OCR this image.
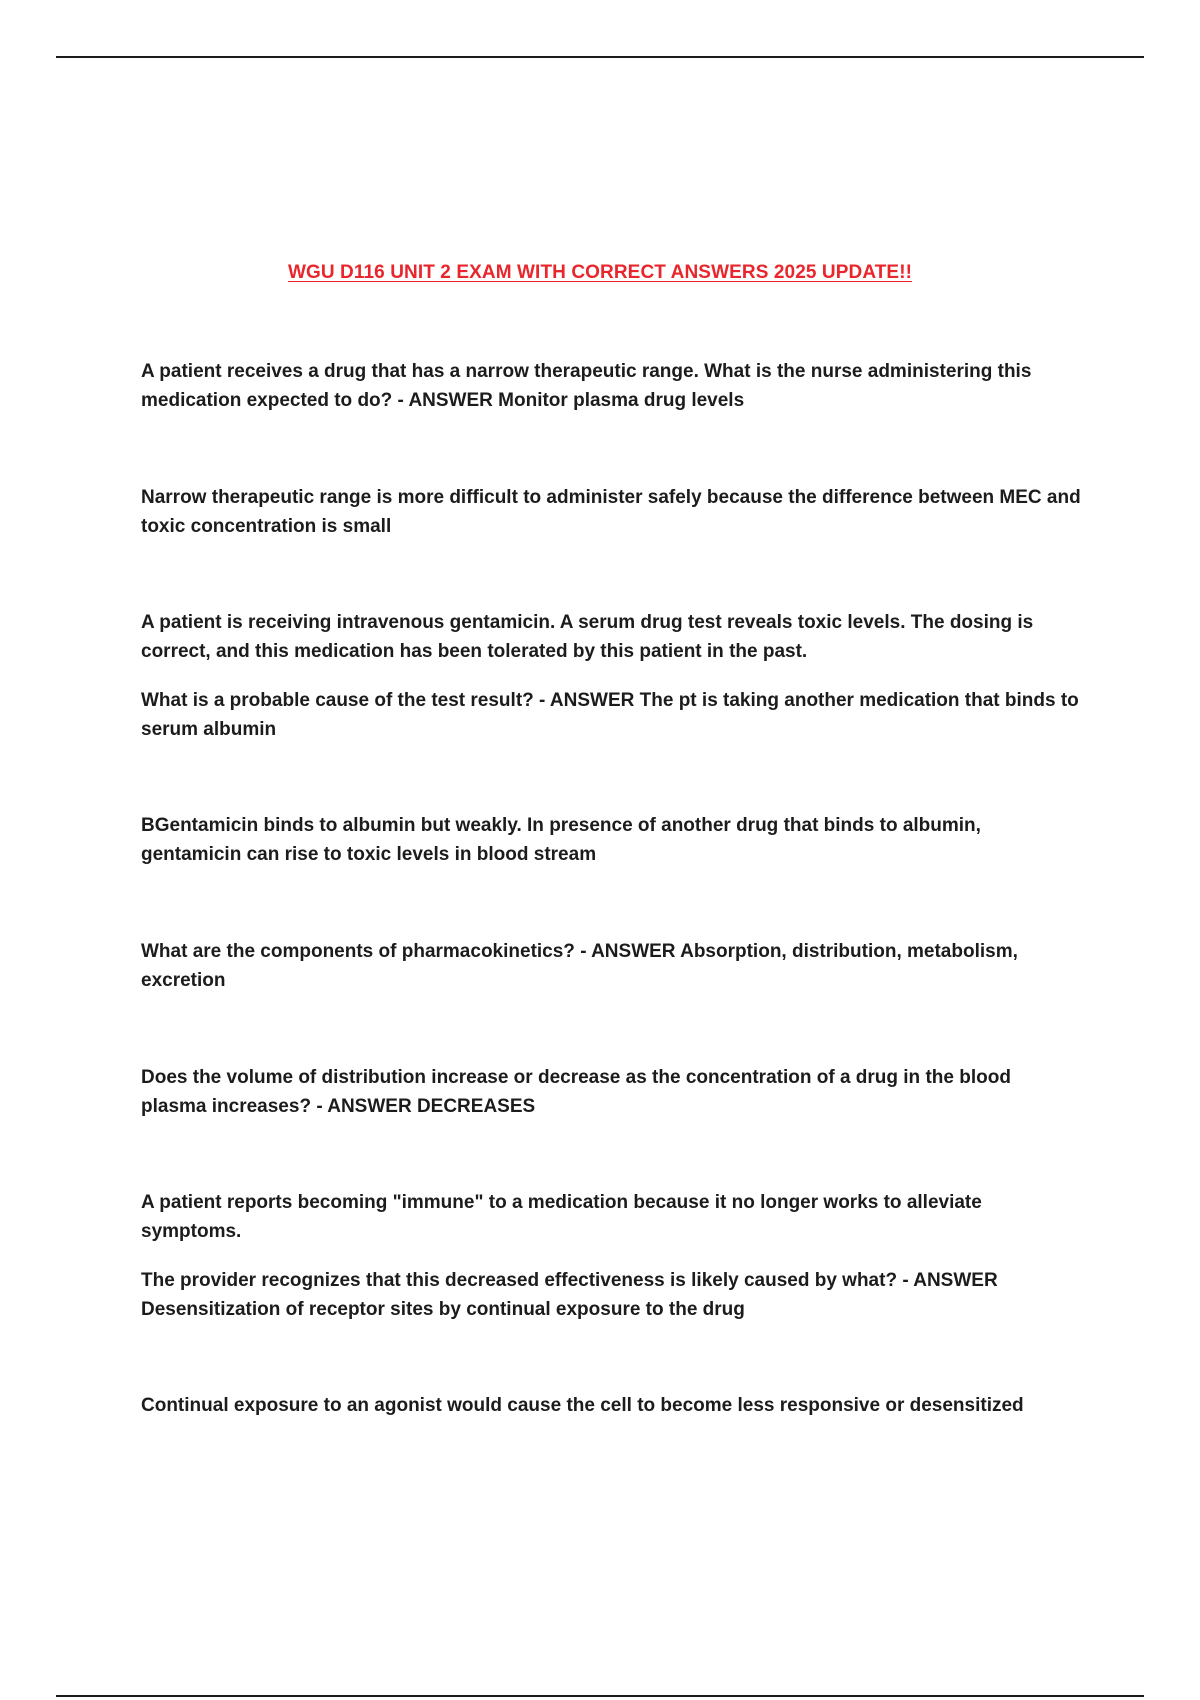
WGU D116 UNIT 2 EXAM WITH CORRECT ANSWERS 2025 UPDATE!!

A patient receives a drug that has a narrow therapeutic range. What is the nurse administering this medication expected to do? - ANSWER Monitor plasma drug levels

Narrow therapeutic range is more difficult to administer safely because the difference between MEC and toxic concentration is small

A patient is receiving intravenous gentamicin. A serum drug test reveals toxic levels. The dosing is correct, and this medication has been tolerated by this patient in the past.

What is a probable cause of the test result? - ANSWER The pt is taking another medication that binds to serum albumin

BGentamicin binds to albumin but weakly. In presence of another drug that binds to albumin, gentamicin can rise to toxic levels in blood stream

What are the components of pharmacokinetics? - ANSWER Absorption, distribution, metabolism, excretion

Does the volume of distribution increase or decrease as the concentration of a drug in the blood plasma increases? - ANSWER DECREASES

A patient reports becoming "immune" to a medication because it no longer works to alleviate symptoms.

The provider recognizes that this decreased effectiveness is likely caused by what? - ANSWER Desensitization of receptor sites by continual exposure to the drug

Continual exposure to an agonist would cause the cell to become less responsive or desensitized
